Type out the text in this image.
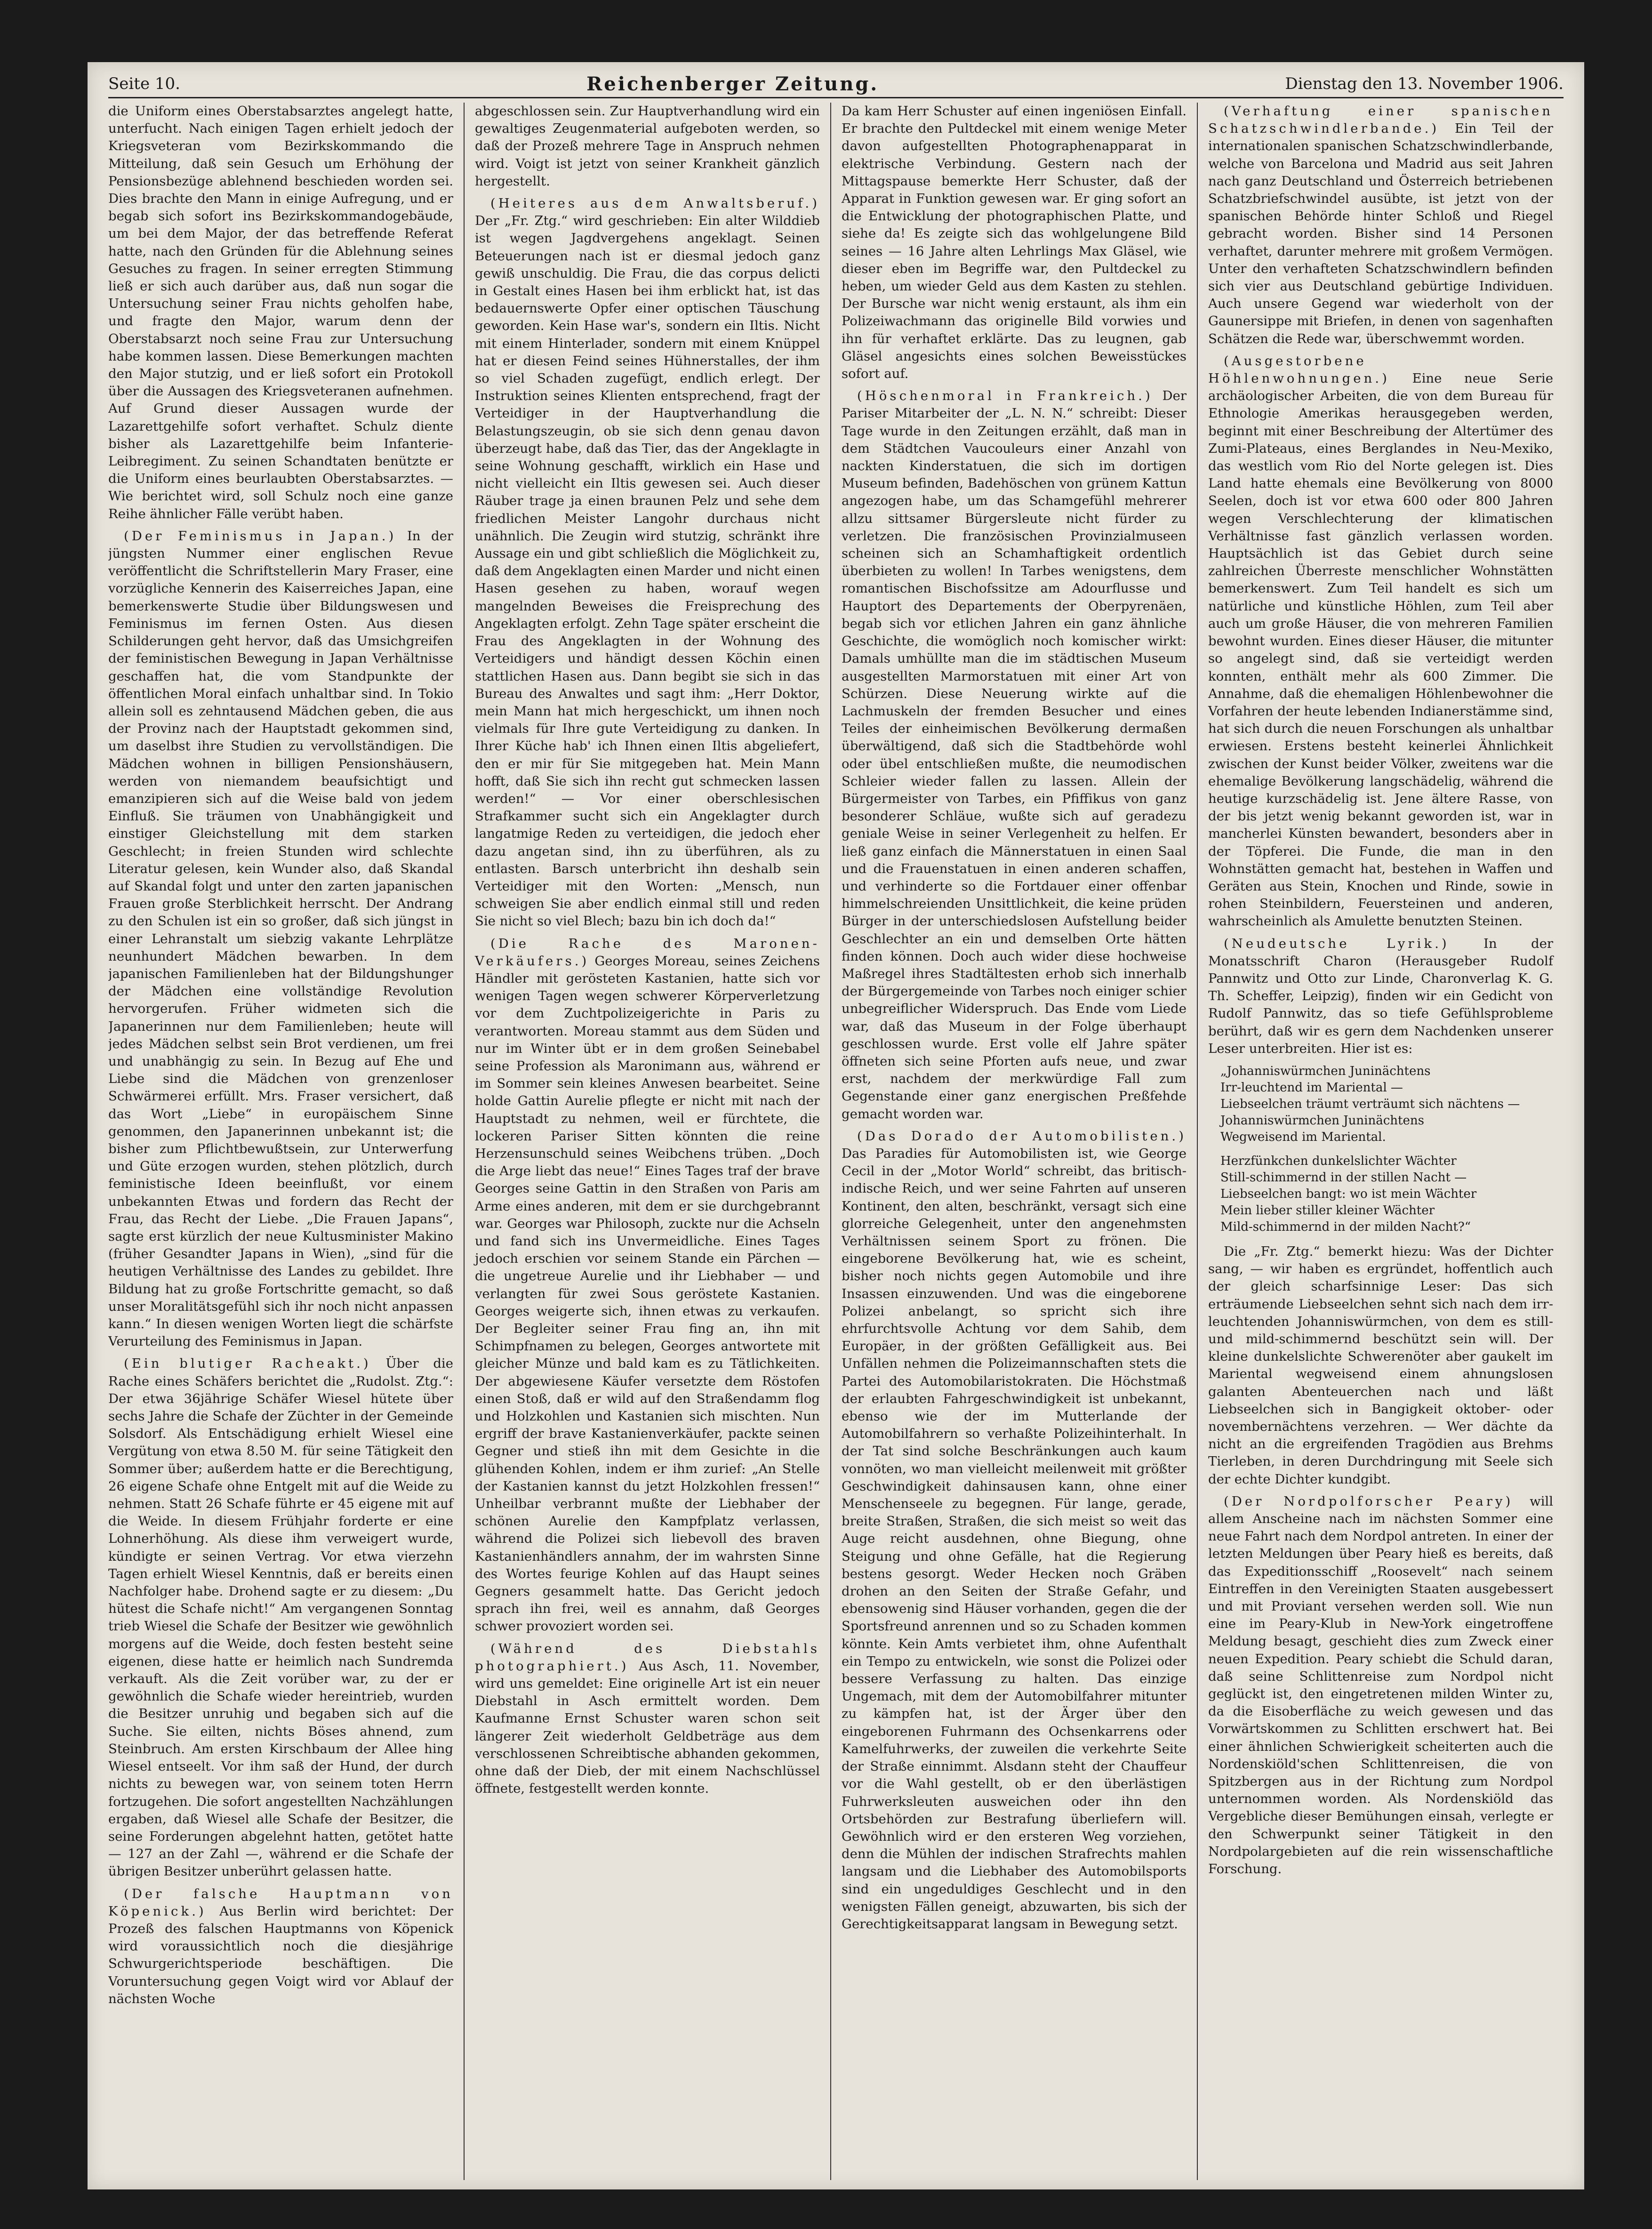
Seite 10.	Reichenberger Zeitung.	Dienstag den 13. November 1906.

die Uniform eines Oberstabsarztes angelegt hatte, unterfucht. Nach einigen Tagen erhielt jedoch der Kriegsveteran vom Bezirkskommando die Mitteilung, daß sein Gesuch um Erhöhung der Pensionsbezüge ablehnend beschieden worden sei. Dies brachte den Mann in einige Aufregung, und er begab sich sofort ins Bezirkskommandogebäude, um bei dem Major, der das betreffende Referat hatte, nach den Gründen für die Ablehnung seines Gesuches zu fragen. In seiner erregten Stimmung ließ er sich auch darüber aus, daß nun sogar die Untersuchung seiner Frau nichts geholfen habe, und fragte den Major, warum denn der Oberstabsarzt noch seine Frau zur Untersuchung habe kommen lassen. Diese Bemerkungen machten den Major stutzig, und er ließ sofort ein Protokoll über die Aussagen des Kriegsveteranen aufnehmen. Auf Grund dieser Aussagen wurde der Lazarettgehilfe sofort verhaftet. Schulz diente bisher als Lazarettgehilfe beim Infanterie-Leibregiment. Zu seinen Schandtaten benützte er die Uniform eines beurlaubten Oberstabsarztes. — Wie berichtet wird, soll Schulz noch eine ganze Reihe ähnlicher Fälle verübt haben.

(Der Feminismus in Japan.) In der jüngsten Nummer einer englischen Revue veröffentlicht die Schriftstellerin Mary Fraser, eine vorzügliche Kennerin des Kaiserreiches Japan, eine bemerkenswerte Studie über Bildungswesen und Feminismus im fernen Osten. Aus diesen Schilderungen geht hervor, daß das Umsichgreifen der feministischen Bewegung in Japan Verhältnisse geschaffen hat, die vom Standpunkte der öffentlichen Moral einfach unhaltbar sind. In Tokio allein soll es zehntausend Mädchen geben, die aus der Provinz nach der Hauptstadt gekommen sind, um daselbst ihre Studien zu vervollständigen. Die Mädchen wohnen in billigen Pensionshäusern, werden von niemandem beaufsichtigt und emanzipieren sich auf die Weise bald von jedem Einfluß. Sie träumen von Unabhängigkeit und einstiger Gleichstellung mit dem starken Geschlecht; in freien Stunden wird schlechte Literatur gelesen, kein Wunder also, daß Skandal auf Skandal folgt und unter den zarten japanischen Frauen große Sterblichkeit herrscht. Der Andrang zu den Schulen ist ein so großer, daß sich jüngst in einer Lehranstalt um siebzig vakante Lehrplätze neunhundert Mädchen bewarben. In dem japanischen Familienleben hat der Bildungshunger der Mädchen eine vollständige Revolution hervorgerufen. Früher widmeten sich die Japanerinnen nur dem Familienleben; heute will jedes Mädchen selbst sein Brot verdienen, um frei und unabhängig zu sein. In Bezug auf Ehe und Liebe sind die Mädchen von grenzenloser Schwärmerei erfüllt. Mrs. Fraser versichert, daß das Wort „Liebe“ in europäischem Sinne genommen, den Japanerinnen unbekannt ist; die bisher zum Pflichtbewußtsein, zur Unterwerfung und Güte erzogen wurden, stehen plötzlich, durch feministische Ideen beeinflußt, vor einem unbekannten Etwas und fordern das Recht der Frau, das Recht der Liebe. „Die Frauen Japans“, sagte erst kürzlich der neue Kultusminister Makino (früher Gesandter Japans in Wien), „sind für die heutigen Verhältnisse des Landes zu gebildet. Ihre Bildung hat zu große Fortschritte gemacht, so daß unser Moralitätsgefühl sich ihr noch nicht anpassen kann.“ In diesen wenigen Worten liegt die schärfste Verurteilung des Feminismus in Japan.

(Ein blutiger Racheakt.) Über die Rache eines Schäfers berichtet die „Rudolst. Ztg.“: Der etwa 36jährige Schäfer Wiesel hütete über sechs Jahre die Schafe der Züchter in der Gemeinde Solsdorf. Als Entschädigung erhielt Wiesel eine Vergütung von etwa 8.50 M. für seine Tätigkeit den Sommer über; außerdem hatte er die Berechtigung, 26 eigene Schafe ohne Entgelt mit auf die Weide zu nehmen. Statt 26 Schafe führte er 45 eigene mit auf die Weide. In diesem Frühjahr forderte er eine Lohnerhöhung. Als diese ihm verweigert wurde, kündigte er seinen Vertrag. Vor etwa vierzehn Tagen erhielt Wiesel Kenntnis, daß er bereits einen Nachfolger habe. Drohend sagte er zu diesem: „Du hütest die Schafe nicht!“ Am vergangenen Sonntag trieb Wiesel die Schafe der Besitzer wie gewöhnlich morgens auf die Weide, doch festen besteht seine eigenen, diese hatte er heimlich nach Sundremda verkauft. Als die Zeit vorüber war, zu der er gewöhnlich die Schafe wieder hereintrieb, wurden die Besitzer unruhig und begaben sich auf die Suche. Sie eilten, nichts Böses ahnend, zum Steinbruch. Am ersten Kirschbaum der Allee hing Wiesel entseelt. Vor ihm saß der Hund, der durch nichts zu bewegen war, von seinem toten Herrn fortzugehen. Die sofort angestellten Nachzählungen ergaben, daß Wiesel alle Schafe der Besitzer, die seine Forderungen abgelehnt hatten, getötet hatte — 127 an der Zahl —, während er die Schafe der übrigen Besitzer unberührt gelassen hatte.

(Der falsche Hauptmann von Köpenick.) Aus Berlin wird berichtet: Der Prozeß des falschen Hauptmanns von Köpenick wird voraussichtlich noch die diesjährige Schwurgerichtsperiode beschäftigen. Die Voruntersuchung gegen Voigt wird vor Ablauf der nächsten Woche

abgeschlossen sein. Zur Hauptverhandlung wird ein gewaltiges Zeugenmaterial aufgeboten werden, so daß der Prozeß mehrere Tage in Anspruch nehmen wird. Voigt ist jetzt von seiner Krankheit gänzlich hergestellt.

(Heiteres aus dem Anwaltsberuf.) Der „Fr. Ztg.“ wird geschrieben: Ein alter Wilddieb ist wegen Jagdvergehens angeklagt. Seinen Beteuerungen nach ist er diesmal jedoch ganz gewiß unschuldig. Die Frau, die das corpus delicti in Gestalt eines Hasen bei ihm erblickt hat, ist das bedauernswerte Opfer einer optischen Täuschung geworden. Kein Hase war's, sondern ein Iltis. Nicht mit einem Hinterlader, sondern mit einem Knüppel hat er diesen Feind seines Hühnerstalles, der ihm so viel Schaden zugefügt, endlich erlegt. Der Instruktion seines Klienten entsprechend, fragt der Verteidiger in der Hauptverhandlung die Belastungszeugin, ob sie sich denn genau davon überzeugt habe, daß das Tier, das der Angeklagte in seine Wohnung geschafft, wirklich ein Hase und nicht vielleicht ein Iltis gewesen sei. Auch dieser Räuber trage ja einen braunen Pelz und sehe dem friedlichen Meister Langohr durchaus nicht unähnlich. Die Zeugin wird stutzig, schränkt ihre Aussage ein und gibt schließlich die Möglichkeit zu, daß dem Angeklagten einen Marder und nicht einen Hasen gesehen zu haben, worauf wegen mangelnden Beweises die Freisprechung des Angeklagten erfolgt. Zehn Tage später erscheint die Frau des Angeklagten in der Wohnung des Verteidigers und händigt dessen Köchin einen stattlichen Hasen aus. Dann begibt sie sich in das Bureau des Anwaltes und sagt ihm: „Herr Doktor, mein Mann hat mich hergeschickt, um ihnen noch vielmals für Ihre gute Verteidigung zu danken. In Ihrer Küche hab' ich Ihnen einen Iltis abgeliefert, den er mir für Sie mitgegeben hat. Mein Mann hofft, daß Sie sich ihn recht gut schmecken lassen werden!“ — Vor einer oberschlesischen Strafkammer sucht sich ein Angeklagter durch langatmige Reden zu verteidigen, die jedoch eher dazu angetan sind, ihn zu überführen, als zu entlasten. Barsch unterbricht ihn deshalb sein Verteidiger mit den Worten: „Mensch, nun schweigen Sie aber endlich einmal still und reden Sie nicht so viel Blech; bazu bin ich doch da!“

(Die Rache des Maronen-Verkäufers.) Georges Moreau, seines Zeichens Händler mit gerösteten Kastanien, hatte sich vor wenigen Tagen wegen schwerer Körperverletzung vor dem Zuchtpolizeigerichte in Paris zu verantworten. Moreau stammt aus dem Süden und nur im Winter übt er in dem großen Seinebabel seine Profession als Maronimann aus, während er im Sommer sein kleines Anwesen bearbeitet. Seine holde Gattin Aurelie pflegte er nicht mit nach der Hauptstadt zu nehmen, weil er fürchtete, die lockeren Pariser Sitten könnten die reine Herzensunschuld seines Weibchens trüben. „Doch die Arge liebt das neue!“ Eines Tages traf der brave Georges seine Gattin in den Straßen von Paris am Arme eines anderen, mit dem er sie durchgebrannt war. Georges war Philosoph, zuckte nur die Achseln und fand sich ins Unvermeidliche. Eines Tages jedoch erschien vor seinem Stande ein Pärchen — die ungetreue Aurelie und ihr Liebhaber — und verlangten für zwei Sous geröstete Kastanien. Georges weigerte sich, ihnen etwas zu verkaufen. Der Begleiter seiner Frau fing an, ihn mit Schimpfnamen zu belegen, Georges antwortete mit gleicher Münze und bald kam es zu Tätlichkeiten. Der abgewiesene Käufer versetzte dem Röstofen einen Stoß, daß er wild auf den Straßendamm flog und Holzkohlen und Kastanien sich mischten. Nun ergriff der brave Kastanienverkäufer, packte seinen Gegner und stieß ihn mit dem Gesichte in die glühenden Kohlen, indem er ihm zurief: „An Stelle der Kastanien kannst du jetzt Holzkohlen fressen!“ Unheilbar verbrannt mußte der Liebhaber der schönen Aurelie den Kampfplatz verlassen, während die Polizei sich liebevoll des braven Kastanienhändlers annahm, der im wahrsten Sinne des Wortes feurige Kohlen auf das Haupt seines Gegners gesammelt hatte. Das Gericht jedoch sprach ihn frei, weil es annahm, daß Georges schwer provoziert worden sei.

(Während des Diebstahls photographiert.) Aus Asch, 11. November, wird uns gemeldet: Eine originelle Art ist ein neuer Diebstahl in Asch ermittelt worden. Dem Kaufmanne Ernst Schuster waren schon seit längerer Zeit wiederholt Geldbeträge aus dem verschlossenen Schreibtische abhanden gekommen, ohne daß der Dieb, der mit einem Nachschlüssel öffnete, festgestellt werden konnte.

Da kam Herr Schuster auf einen ingeniösen Einfall. Er brachte den Pultdeckel mit einem wenige Meter davon aufgestellten Photographenapparat in elektrische Verbindung. Gestern nach der Mittagspause bemerkte Herr Schuster, daß der Apparat in Funktion gewesen war. Er ging sofort an die Entwicklung der photographischen Platte, und siehe da! Es zeigte sich das wohlgelungene Bild seines — 16 Jahre alten Lehrlings Max Gläsel, wie dieser eben im Begriffe war, den Pultdeckel zu heben, um wieder Geld aus dem Kasten zu stehlen. Der Bursche war nicht wenig erstaunt, als ihm ein Polizeiwachmann das originelle Bild vorwies und ihn für verhaftet erklärte. Das zu leugnen, gab Gläsel angesichts eines solchen Beweisstückes sofort auf.

(Höschenmoral in Frankreich.) Der Pariser Mitarbeiter der „L. N. N.“ schreibt: Dieser Tage wurde in den Zeitungen erzählt, daß man in dem Städtchen Vaucouleurs einer Anzahl von nackten Kinderstatuen, die sich im dortigen Museum befinden, Badehöschen von grünem Kattun angezogen habe, um das Schamgefühl mehrerer allzu sittsamer Bürgersleute nicht fürder zu verletzen. Die französischen Provinzialmuseen scheinen sich an Schamhaftigkeit ordentlich überbieten zu wollen! In Tarbes wenigstens, dem romantischen Bischofssitze am Adourflusse und Hauptort des Departements der Oberpyrenäen, begab sich vor etlichen Jahren ein ganz ähnliche Geschichte, die womöglich noch komischer wirkt: Damals umhüllte man die im städtischen Museum ausgestellten Marmorstatuen mit einer Art von Schürzen. Diese Neuerung wirkte auf die Lachmuskeln der fremden Besucher und eines Teiles der einheimischen Bevölkerung dermaßen überwältigend, daß sich die Stadtbehörde wohl oder übel entschließen mußte, die neumodischen Schleier wieder fallen zu lassen. Allein der Bürgermeister von Tarbes, ein Pfiffikus von ganz besonderer Schläue, wußte sich auf geradezu geniale Weise in seiner Verlegenheit zu helfen. Er ließ ganz einfach die Männerstatuen in einen Saal und die Frauenstatuen in einen anderen schaffen, und verhinderte so die Fortdauer einer offenbar himmelschreienden Unsittlichkeit, die keine prüden Bürger in der unterschiedslosen Aufstellung beider Geschlechter an ein und demselben Orte hätten finden können. Doch auch wider diese hochweise Maßregel ihres Stadtältesten erhob sich innerhalb der Bürgergemeinde von Tarbes noch einiger schier unbegreiflicher Widerspruch. Das Ende vom Liede war, daß das Museum in der Folge überhaupt geschlossen wurde. Erst volle elf Jahre später öffneten sich seine Pforten aufs neue, und zwar erst, nachdem der merkwürdige Fall zum Gegenstande einer ganz energischen Preßfehde gemacht worden war.

(Das Dorado der Automobilisten.) Das Paradies für Automobilisten ist, wie George Cecil in der „Motor World“ schreibt, das britisch-indische Reich, und wer seine Fahrten auf unseren Kontinent, den alten, beschränkt, versagt sich eine glorreiche Gelegenheit, unter den angenehmsten Verhältnissen seinem Sport zu frönen. Die eingeborene Bevölkerung hat, wie es scheint, bisher noch nichts gegen Automobile und ihre Insassen einzuwenden. Und was die eingeborene Polizei anbelangt, so spricht sich ihre ehrfurchtsvolle Achtung vor dem Sahib, dem Europäer, in der größten Gefälligkeit aus. Bei Unfällen nehmen die Polizeimannschaften stets die Partei des Automobilaristokraten. Die Höchstmaß der erlaubten Fahrgeschwindigkeit ist unbekannt, ebenso wie der im Mutterlande der Automobilfahrern so verhaßte Polizeihinterhalt. In der Tat sind solche Beschränkungen auch kaum vonnöten, wo man vielleicht meilenweit mit größter Geschwindigkeit dahinsausen kann, ohne einer Menschenseele zu begegnen. Für lange, gerade, breite Straßen, Straßen, die sich meist so weit das Auge reicht ausdehnen, ohne Biegung, ohne Steigung und ohne Gefälle, hat die Regierung bestens gesorgt. Weder Hecken noch Gräben drohen an den Seiten der Straße Gefahr, und ebensowenig sind Häuser vorhanden, gegen die der Sportsfreund anrennen und so zu Schaden kommen könnte. Kein Amts verbietet ihm, ohne Aufenthalt ein Tempo zu entwickeln, wie sonst die Polizei oder bessere Verfassung zu halten. Das einzige Ungemach, mit dem der Automobilfahrer mitunter zu kämpfen hat, ist der Ärger über den eingeborenen Fuhrmann des Ochsenkarrens oder Kamelfuhrwerks, der zuweilen die verkehrte Seite der Straße einnimmt. Alsdann steht der Chauffeur vor die Wahl gestellt, ob er den überlästigen Fuhrwerksleuten ausweichen oder ihn den Ortsbehörden zur Bestrafung überliefern will. Gewöhnlich wird er den ersteren Weg vorziehen, denn die Mühlen der indischen Strafrechts mahlen langsam und die Liebhaber des Automobilsports sind ein ungeduldiges Geschlecht und in den wenigsten Fällen geneigt, abzuwarten, bis sich der Gerechtigkeitsapparat langsam in Bewegung setzt.

(Verhaftung einer spanischen Schatzschwindlerbande.) Ein Teil der internationalen spanischen Schatzschwindlerbande, welche von Barcelona und Madrid aus seit Jahren nach ganz Deutschland und Österreich betriebenen Schatzbriefschwindel ausübte, ist jetzt von der spanischen Behörde hinter Schloß und Riegel gebracht worden. Bisher sind 14 Personen verhaftet, darunter mehrere mit großem Vermögen. Unter den verhafteten Schatzschwindlern befinden sich vier aus Deutschland gebürtige Individuen. Auch unsere Gegend war wiederholt von der Gaunersippe mit Briefen, in denen von sagenhaften Schätzen die Rede war, überschwemmt worden.

(Ausgestorbene Höhlenwohnungen.) Eine neue Serie archäologischer Arbeiten, die von dem Bureau für Ethnologie Amerikas herausgegeben werden, beginnt mit einer Beschreibung der Altertümer des Zumi-Plateaus, eines Berglandes in Neu-Mexiko, das westlich vom Rio del Norte gelegen ist. Dies Land hatte ehemals eine Bevölkerung von 8000 Seelen, doch ist vor etwa 600 oder 800 Jahren wegen Verschlechterung der klimatischen Verhältnisse fast gänzlich verlassen worden. Hauptsächlich ist das Gebiet durch seine zahlreichen Überreste menschlicher Wohnstätten bemerkenswert. Zum Teil handelt es sich um natürliche und künstliche Höhlen, zum Teil aber auch um große Häuser, die von mehreren Familien bewohnt wurden. Eines dieser Häuser, die mitunter so angelegt sind, daß sie verteidigt werden konnten, enthält mehr als 600 Zimmer. Die Annahme, daß die ehemaligen Höhlenbewohner die Vorfahren der heute lebenden Indianerstämme sind, hat sich durch die neuen Forschungen als unhaltbar erwiesen. Erstens besteht keinerlei Ähnlichkeit zwischen der Kunst beider Völker, zweitens war die ehemalige Bevölkerung langschädelig, während die heutige kurzschädelig ist. Jene ältere Rasse, von der bis jetzt wenig bekannt geworden ist, war in mancherlei Künsten bewandert, besonders aber in der Töpferei. Die Funde, die man in den Wohnstätten gemacht hat, bestehen in Waffen und Geräten aus Stein, Knochen und Rinde, sowie in rohen Steinbildern, Feuersteinen und anderen, wahrscheinlich als Amulette benutzten Steinen.

(Neudeutsche Lyrik.)	In der Monatsschrift Charon (Herausgeber Rudolf Pannwitz und Otto zur Linde, Charonverlag K. G. Th. Scheffer, Leipzig), finden wir ein Gedicht von Rudolf Pannwitz, das so tiefe Gefühlsprobleme berührt, daß wir es gern dem Nachdenken unserer Leser unterbreiten. Hier ist es:

„Johanniswürmchen Juninächtens
Irr-leuchtend im Mariental —
Liebseelchen träumt verträumt sich nächtens —
Johanniswürmchen Juninächtens
Wegweisend im Mariental.
Herzfünkchen dunkelslichter Wächter
Still-schimmernd in der stillen Nacht —
Liebseelchen bangt: wo ist mein Wächter
Mein lieber stiller kleiner Wächter
Mild-schimmernd in der milden Nacht?“

Die „Fr. Ztg.“ bemerkt hiezu: Was der Dichter sang, — wir haben es ergründet, hoffentlich auch der gleich scharfsinnige Leser: Das sich erträumende Liebseelchen sehnt sich nach dem irr-leuchtenden Johanniswürmchen, von dem es still- und mild-schimmernd beschützt sein will. Der kleine dunkelslichte Schwerenöter aber gaukelt im Mariental wegweisend einem ahnungslosen galanten Abenteuerchen nach und läßt Liebseelchen sich in Bangigkeit oktober- oder novembernächtens verzehren. — Wer dächte da nicht an die ergreifenden Tragödien aus Brehms Tierleben, in deren Durchdringung mit Seele sich der echte Dichter kundgibt.

(Der Nordpolforscher Peary) will allem Anscheine nach im nächsten Sommer eine neue Fahrt nach dem Nordpol antreten. In einer der letzten Meldungen über Peary hieß es bereits, daß das Expeditionsschiff „Roosevelt“ nach seinem Eintreffen in den Vereinigten Staaten ausgebessert und mit Proviant versehen werden soll. Wie nun eine im Peary-Klub in New-York eingetroffene Meldung besagt, geschieht dies zum Zweck einer neuen Expedition. Peary schiebt die Schuld daran, daß seine Schlittenreise zum Nordpol nicht geglückt ist, den eingetretenen milden Winter zu, da die Eisoberfläche zu weich gewesen und das Vorwärtskommen zu Schlitten erschwert hat. Bei einer ähnlichen Schwierigkeit scheiterten auch die Nordenskiöld'schen Schlittenreisen, die von Spitzbergen aus in der Richtung zum Nordpol unternommen worden. Als Nordenskiöld das Vergebliche dieser Bemühungen einsah, verlegte er den Schwerpunkt seiner Tätigkeit in den Nordpolargebieten auf die rein wissenschaftliche Forschung.
